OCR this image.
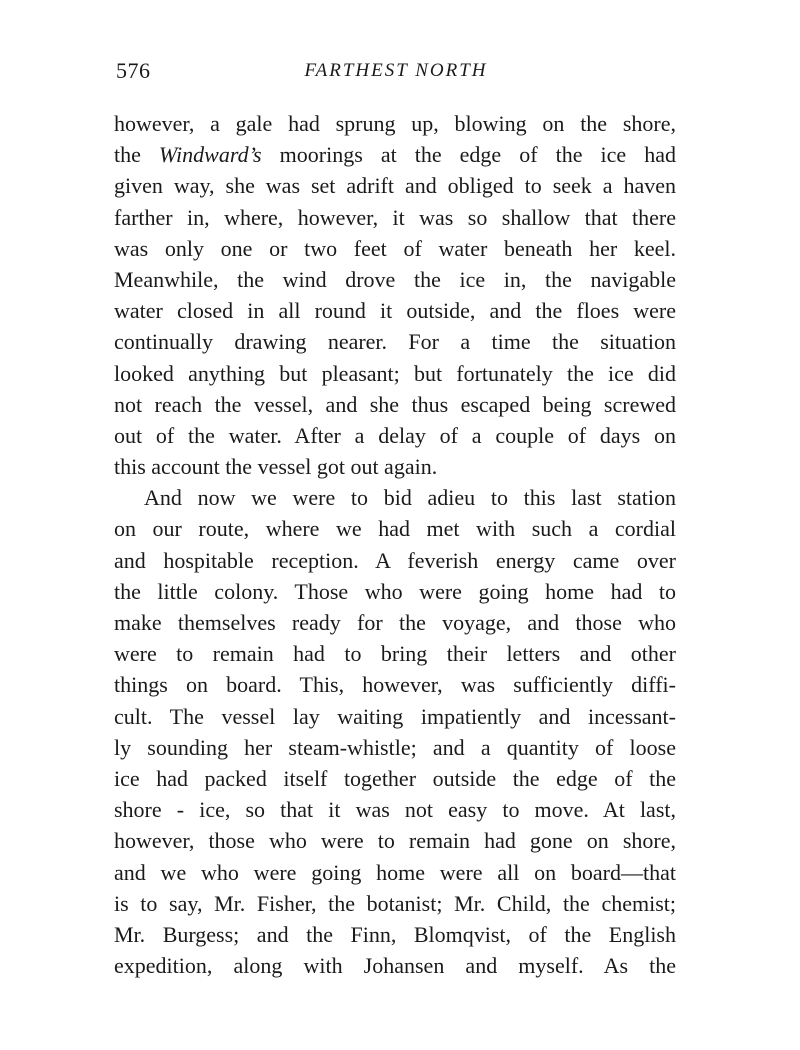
576	FARTHEST NORTH
however, a gale had sprung up, blowing on the shore,
the Windward’s moorings at the edge of the ice had
given way, she was set adrift and obliged to seek a haven
farther in, where, however, it was so shallow that there
was only one or two feet of water beneath her keel.
Meanwhile, the wind drove the ice in, the navigable
water closed in all round it outside, and the floes were
continually drawing nearer. For a time the situation
looked anything but pleasant; but fortunately the ice did
not reach the vessel, and she thus escaped being screwed
out of the water. After a delay of a couple of days on
this account the vessel got out again.
And now we were to bid adieu to this last station
on our route, where we had met with such a cordial
and hospitable reception. A feverish energy came over
the little colony. Those who were going home had to
make themselves ready for the voyage, and those who
were to remain had to bring their letters and other
things on board. This, however, was sufficiently diffi-
cult. The vessel lay waiting impatiently and incessant-
ly sounding her steam-whistle; and a quantity of loose
ice had packed itself together outside the edge of the
shore - ice, so that it was not easy to move. At last,
however, those who were to remain had gone on shore,
and we who were going home were all on board—that
is to say, Mr. Fisher, the botanist; Mr. Child, the chemist;
Mr. Burgess; and the Finn, Blomqvist, of the English
expedition, along with Johansen and myself. As the
